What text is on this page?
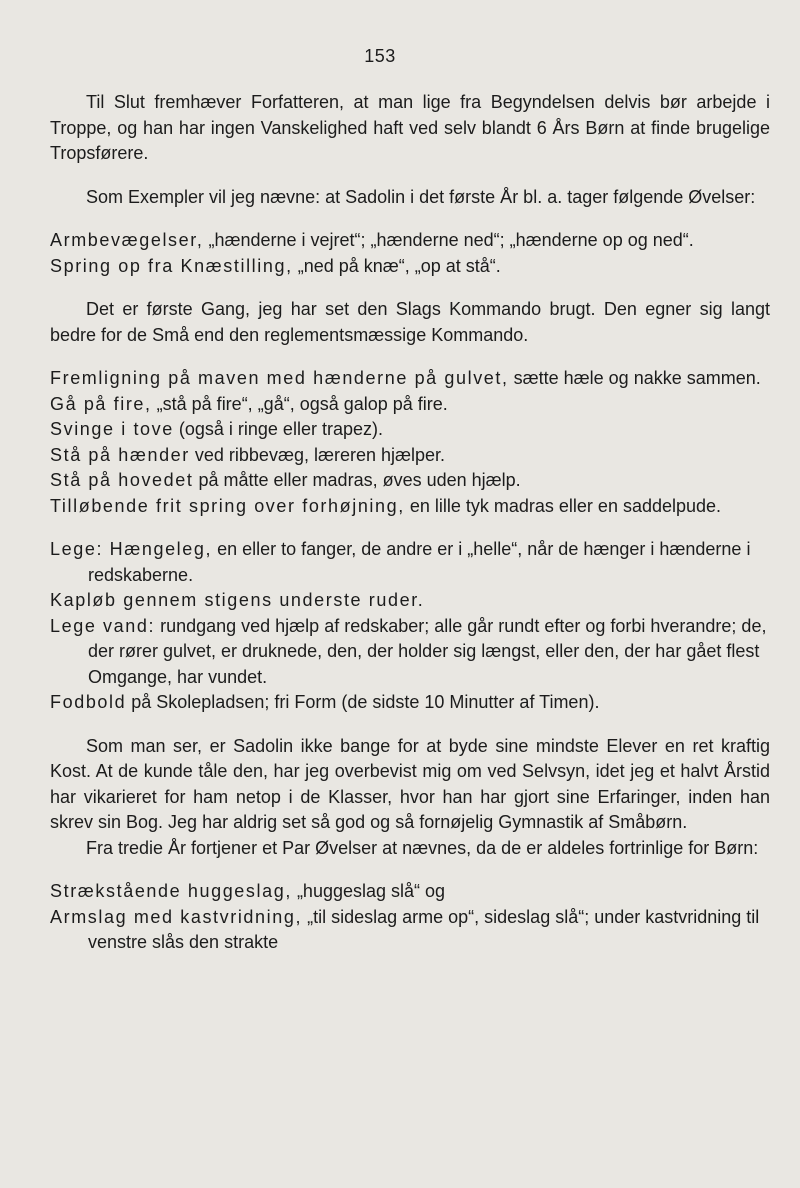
153

Til Slut fremhæver Forfatteren, at man lige fra Begyndelsen delvis bør arbejde i Troppe, og han har ingen Vanskelighed haft ved selv blandt 6 Års Børn at finde brugelige Tropsførere.

Som Exempler vil jeg nævne: at Sadolin i det første År bl. a. tager følgende Øvelser:

Armbevægelser, „hænderne i vejret“; „hænderne ned“; „hænderne op og ned“.

Spring op fra Knæstilling, „ned på knæ“, „op at stå“.

Det er første Gang, jeg har set den Slags Kommando brugt. Den egner sig langt bedre for de Små end den reglementsmæssige Kommando.

Fremligning på maven med hænderne på gulvet, sætte hæle og nakke sammen.

Gå på fire, „stå på fire“, „gå“, også galop på fire.

Svinge i tove (også i ringe eller trapez).

Stå på hænder ved ribbevæg, læreren hjælper.

Stå på hovedet på måtte eller madras, øves uden hjælp.

Tilløbende frit spring over forhøjning, en lille tyk madras eller en saddelpude.

Lege: Hængeleg, en eller to fanger, de andre er i „helle“, når de hænger i hænderne i redskaberne.

Kapløb gennem stigens underste ruder.

Lege vand: rundgang ved hjælp af redskaber; alle går rundt efter og forbi hverandre; de, der rører gulvet, er druknede, den, der holder sig længst, eller den, der har gået flest Omgange, har vundet.

Fodbold på Skolepladsen; fri Form (de sidste 10 Minutter af Timen).

Som man ser, er Sadolin ikke bange for at byde sine mindste Elever en ret kraftig Kost. At de kunde tåle den, har jeg overbevist mig om ved Selvsyn, idet jeg et halvt Årstid har vikarieret for ham netop i de Klasser, hvor han har gjort sine Erfaringer, inden han skrev sin Bog. Jeg har aldrig set så god og så fornøjelig Gymnastik af Småbørn.

Fra tredie År fortjener et Par Øvelser at nævnes, da de er aldeles fortrinlige for Børn:

Strækstående huggeslag, „huggeslag slå“ og

Armslag med kastvridning, „til sideslag arme op“, sideslag slå“; under kastvridning til venstre slås den strakte
